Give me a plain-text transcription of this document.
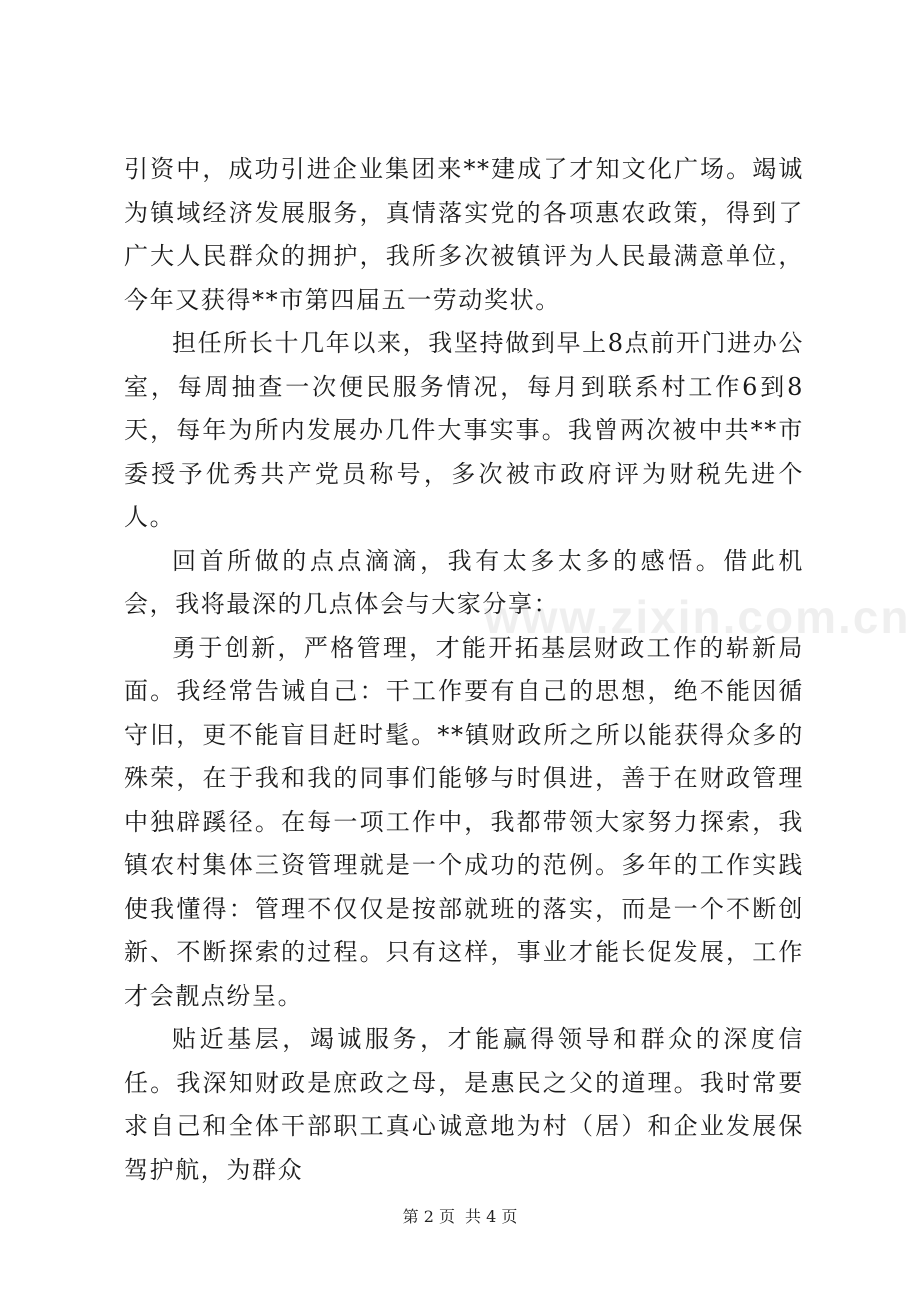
引资中，成功引进企业集团来**建成了才知文化广场。竭诚为镇域经济发展服务，真情落实党的各项惠农政策，得到了广大人民群众的拥护，我所多次被镇评为人民最满意单位，今年又获得**市第四届五一劳动奖状。

担任所长十几年以来，我坚持做到早上8点前开门进办公室，每周抽查一次便民服务情况，每月到联系村工作6到8天，每年为所内发展办几件大事实事。我曾两次被中共**市委授予优秀共产党员称号，多次被市政府评为财税先进个人。

回首所做的点点滴滴，我有太多太多的感悟。借此机会，我将最深的几点体会与大家分享：

勇于创新，严格管理，才能开拓基层财政工作的崭新局面。我经常告诫自己：干工作要有自己的思想，绝不能因循守旧，更不能盲目赶时髦。**镇财政所之所以能获得众多的殊荣，在于我和我的同事们能够与时俱进，善于在财政管理中独辟蹊径。在每一项工作中，我都带领大家努力探索，我镇农村集体三资管理就是一个成功的范例。多年的工作实践使我懂得：管理不仅仅是按部就班的落实，而是一个不断创新、不断探索的过程。只有这样，事业才能长促发展，工作才会靓点纷呈。

贴近基层，竭诚服务，才能赢得领导和群众的深度信任。我深知财政是庶政之母，是惠民之父的道理。我时常要求自己和全体干部职工真心诚意地为村（居）和企业发展保驾护航，为群众

www.zixin.com.cn
第 2 页 共 4 页
